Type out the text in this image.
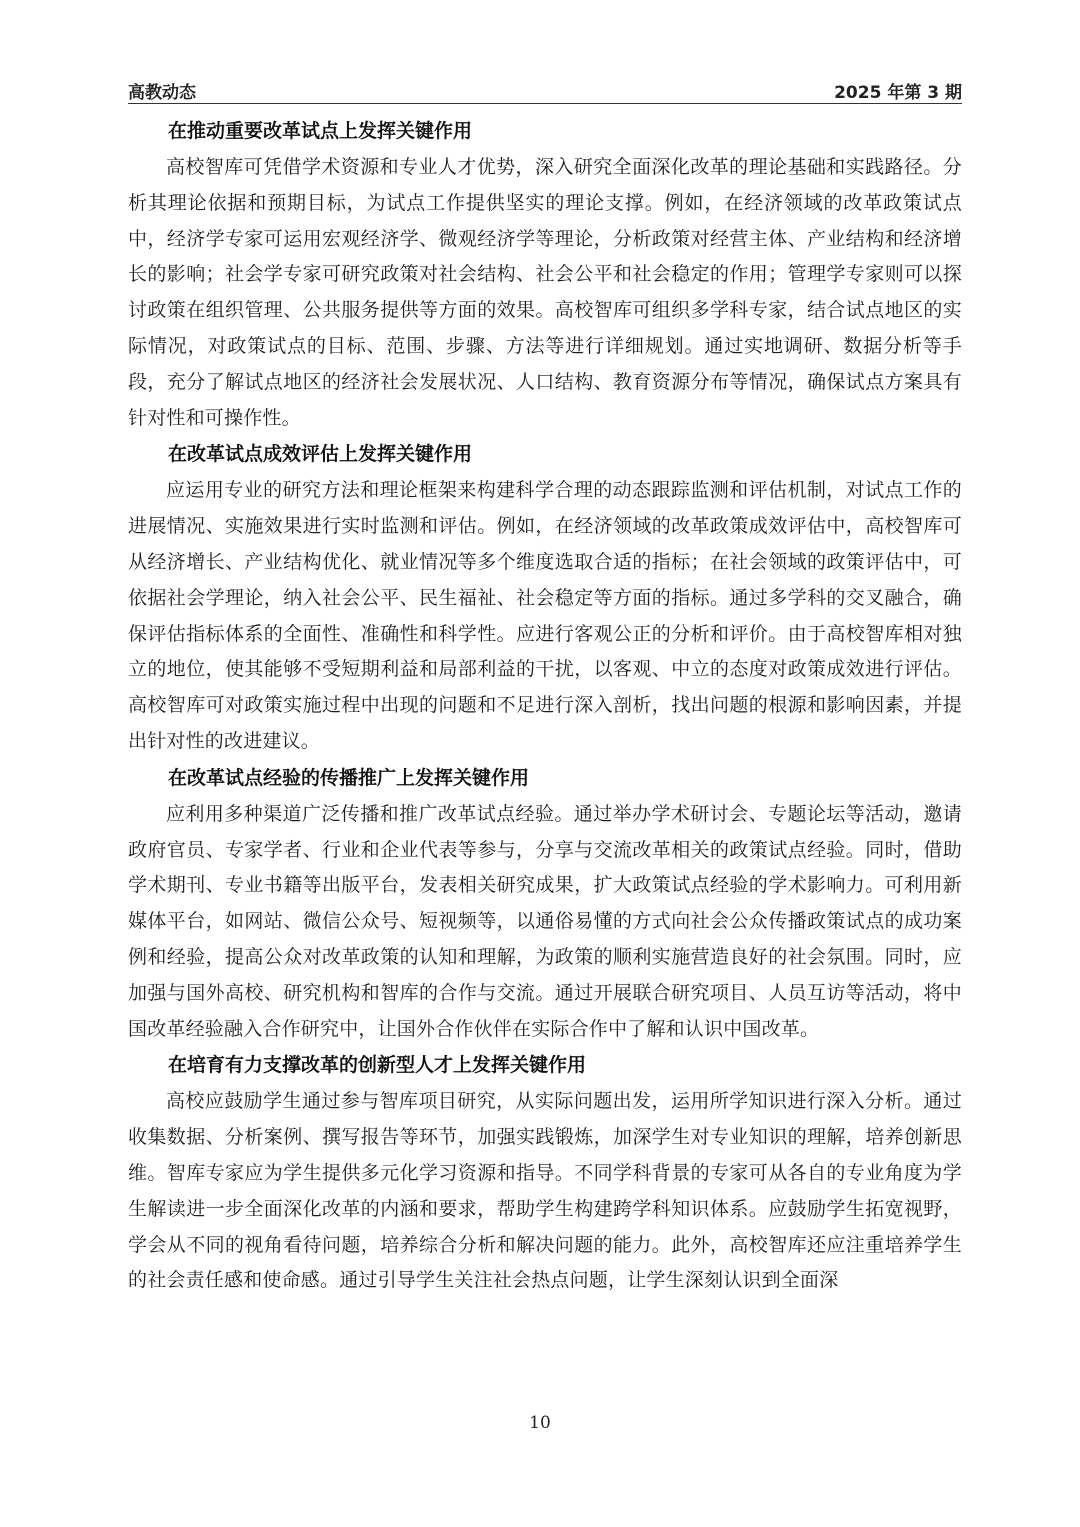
高教动态	2025 年第 3 期
在推动重要改革试点上发挥关键作用

高校智库可凭借学术资源和专业人才优势，深入研究全面深化改革的理论基础和实践路径。分析其理论依据和预期目标，为试点工作提供坚实的理论支撑。例如，在经济领域的改革政策试点中，经济学专家可运用宏观经济学、微观经济学等理论，分析政策对经营主体、产业结构和经济增长的影响；社会学专家可研究政策对社会结构、社会公平和社会稳定的作用；管理学专家则可以探讨政策在组织管理、公共服务提供等方面的效果。高校智库可组织多学科专家，结合试点地区的实际情况，对政策试点的目标、范围、步骤、方法等进行详细规划。通过实地调研、数据分析等手段，充分了解试点地区的经济社会发展状况、人口结构、教育资源分布等情况，确保试点方案具有针对性和可操作性。

在改革试点成效评估上发挥关键作用

应运用专业的研究方法和理论框架来构建科学合理的动态跟踪监测和评估机制，对试点工作的进展情况、实施效果进行实时监测和评估。例如，在经济领域的改革政策成效评估中，高校智库可从经济增长、产业结构优化、就业情况等多个维度选取合适的指标；在社会领域的政策评估中，可依据社会学理论，纳入社会公平、民生福祉、社会稳定等方面的指标。通过多学科的交叉融合，确保评估指标体系的全面性、准确性和科学性。应进行客观公正的分析和评价。由于高校智库相对独立的地位，使其能够不受短期利益和局部利益的干扰，以客观、中立的态度对政策成效进行评估。高校智库可对政策实施过程中出现的问题和不足进行深入剖析，找出问题的根源和影响因素，并提出针对性的改进建议。

在改革试点经验的传播推广上发挥关键作用

应利用多种渠道广泛传播和推广改革试点经验。通过举办学术研讨会、专题论坛等活动，邀请政府官员、专家学者、行业和企业代表等参与，分享与交流改革相关的政策试点经验。同时，借助学术期刊、专业书籍等出版平台，发表相关研究成果，扩大政策试点经验的学术影响力。可利用新媒体平台，如网站、微信公众号、短视频等，以通俗易懂的方式向社会公众传播政策试点的成功案例和经验，提高公众对改革政策的认知和理解，为政策的顺利实施营造良好的社会氛围。同时，应加强与国外高校、研究机构和智库的合作与交流。通过开展联合研究项目、人员互访等活动，将中国改革经验融入合作研究中，让国外合作伙伴在实际合作中了解和认识中国改革。

在培育有力支撑改革的创新型人才上发挥关键作用

高校应鼓励学生通过参与智库项目研究，从实际问题出发，运用所学知识进行深入分析。通过收集数据、分析案例、撰写报告等环节，加强实践锻炼，加深学生对专业知识的理解，培养创新思维。智库专家应为学生提供多元化学习资源和指导。不同学科背景的专家可从各自的专业角度为学生解读进一步全面深化改革的内涵和要求，帮助学生构建跨学科知识体系。应鼓励学生拓宽视野，学会从不同的视角看待问题，培养综合分析和解决问题的能力。此外，高校智库还应注重培养学生的社会责任感和使命感。通过引导学生关注社会热点问题，让学生深刻认识到全面深

10
